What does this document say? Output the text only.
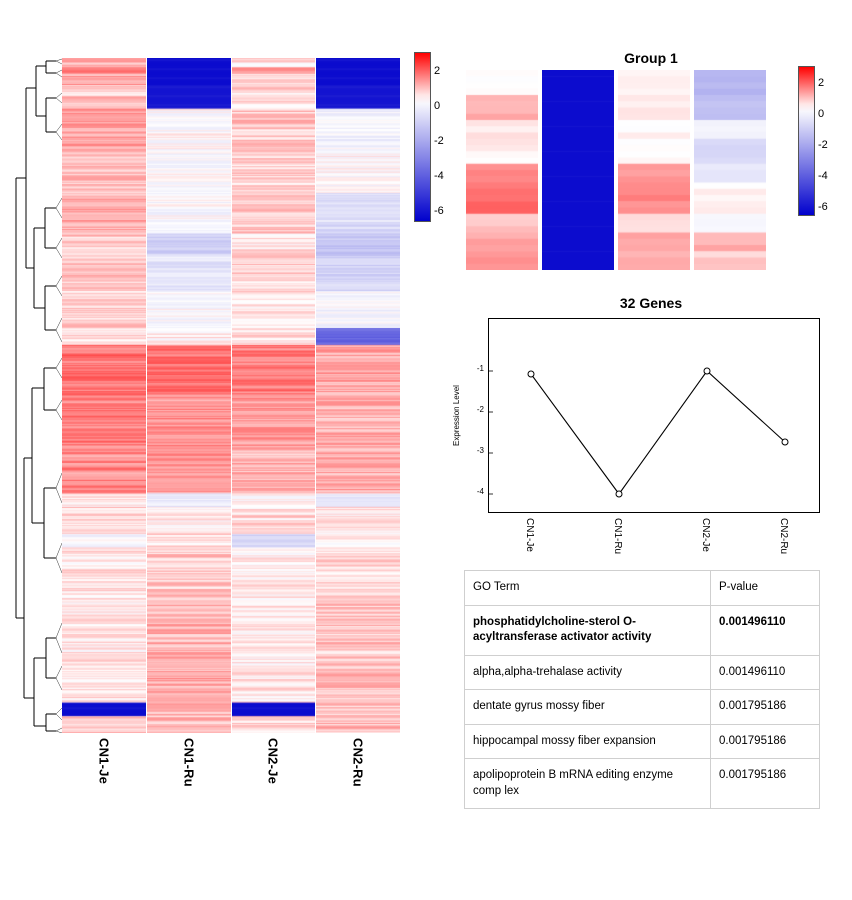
CN1-Je	CN1-Ru	CN2-Je	CN2-Ru
2
0
-2
-4
-6
Group 1
2
0
-2
-4
-6
32 Genes
Expression Level
-1
-2
-3
-4
CN1-Je	CN1-Ru	CN2-Je	CN2-Ru
GO Term	P-value
phosphatidylcholine-sterol O-acyltransferase activator activity	0.001496110
alpha,alpha-trehalase activity	0.001496110
dentate gyrus mossy fiber	0.001795186
hippocampal mossy fiber expansion	0.001795186
apolipoprotein B mRNA editing enzyme comp lex	0.001795186
